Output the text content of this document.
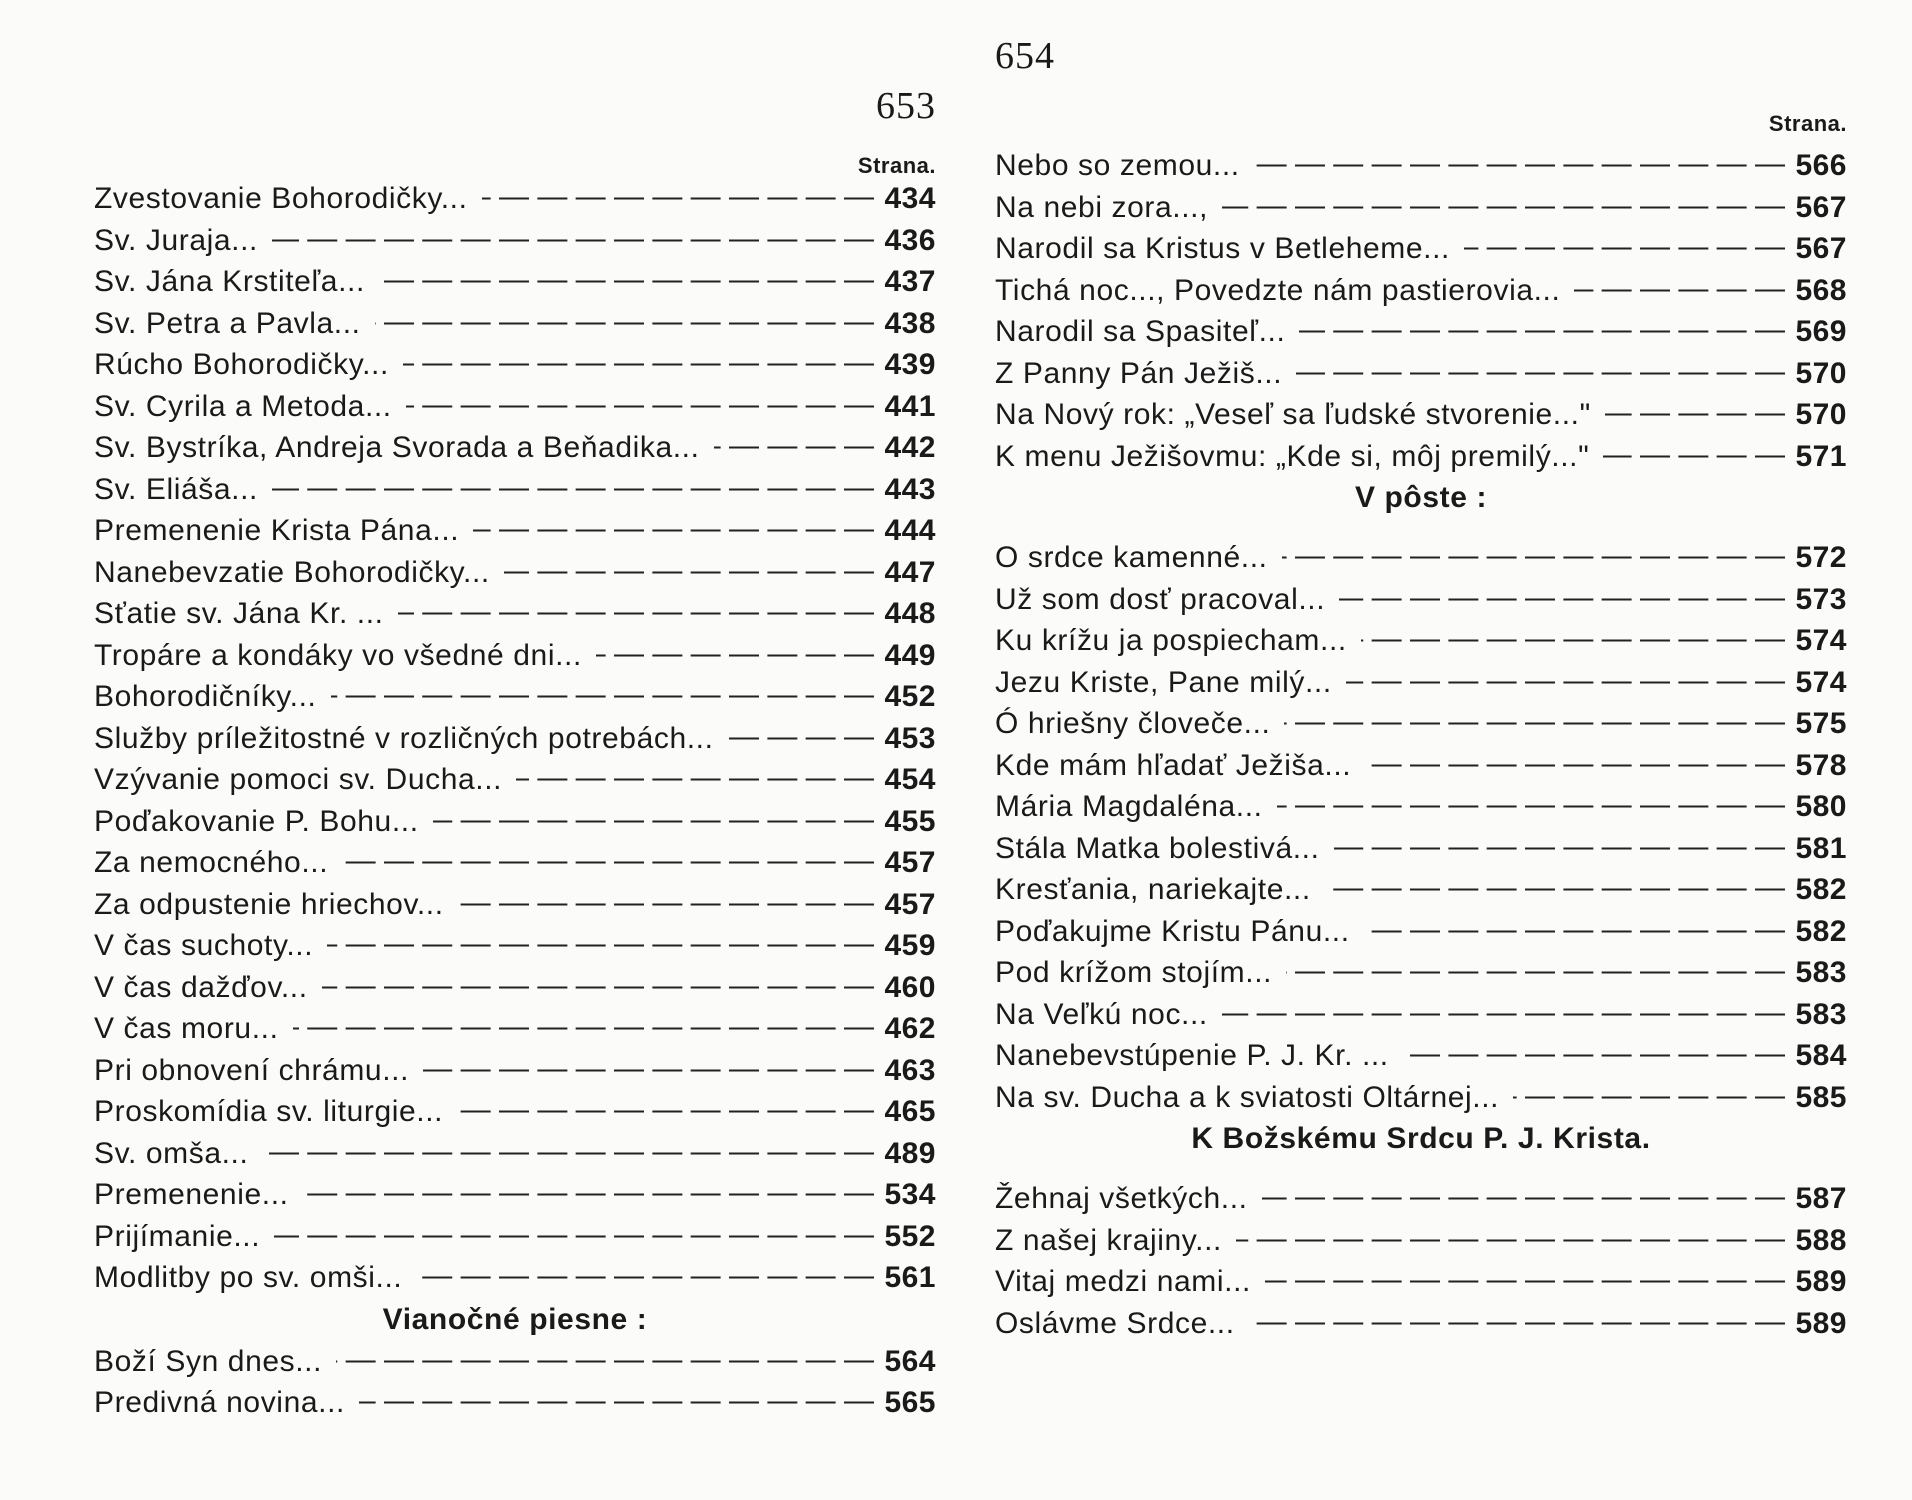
653
Strana.
Zvestovanie Bohorodičky... — — —	434
Sv. Juraja... — — —	436
Sv. Jána Krstiteľa... — — —	437
Sv. Petra a Pavla... — — —	438
Rúcho Bohorodičky... — — —	439
Sv. Cyrila a Metoda... — — —	441
Sv. Bystríka, Andreja Svorada a Beňadika... — — —	442
Sv. Eliáša... — — —	443
Premenenie Krista Pána... — — —	444
Nanebevzatie Bohorodičky... — — —	447
Sťatie sv. Jána Kr. ... — — —	448
Tropáre a kondáky vo všedné dni... — — —	449
Bohorodičníky... — — —	452
Služby príležitostné v rozličných potrebách... — — —	453
Vzývanie pomoci sv. Ducha... — — —	454
Poďakovanie P. Bohu... — — —	455
Za nemocného... — — —	457
Za odpustenie hriechov... — — —	457
V čas suchoty... — — —	459
V čas dažďov... — — —	460
V čas moru... — — —	462
Pri obnovení chrámu... — — —	463
Proskomídia sv. liturgie... — — —	465
Sv. omša... — — —	489
Premenenie... — — —	534
Prijímanie... — — —	552
Modlitby po sv. omši... — — —	561
Vianočné piesne :
Boží Syn dnes... — — —	564
Predivná novina... — — —	565
654
Strana.
Nebo so zemou... — — —	566
Na nebi zora..., — — —	567
Narodil sa Kristus v Betleheme... — — —	567
Tichá noc..., Povedzte nám pastierovia... — — —	568
Narodil sa Spasiteľ... — — —	569
Z Panny Pán Ježiš... — — —	570
Na Nový rok: „Veseľ sa ľudské stvorenie..." — — —	570
K menu Ježišovmu: „Kde si, môj premilý..." — — —	571
V pôste :
O srdce kamenné... — — —	572
Už som dosť pracoval... — — —	573
Ku krížu ja pospiecham... — — —	574
Jezu Kriste, Pane milý... — — —	574
Ó hriešny človeče... — — —	575
Kde mám hľadať Ježiša... — — —	578
Mária Magdaléna... — — —	580
Stála Matka bolestivá... — — —	581
Kresťania, nariekajte... — — —	582
Poďakujme Kristu Pánu... — — —	582
Pod krížom stojím... — — —	583
Na Veľkú noc... — — —	583
Nanebevstúpenie P. J. Kr. ... — — —	584
Na sv. Ducha a k sviatosti Oltárnej... — — —	585
K Božskému Srdcu P. J. Krista.
Žehnaj všetkých... — — —	587
Z našej krajiny... — — —	588
Vitaj medzi nami... — — —	589
Oslávme Srdce... — — —	589
